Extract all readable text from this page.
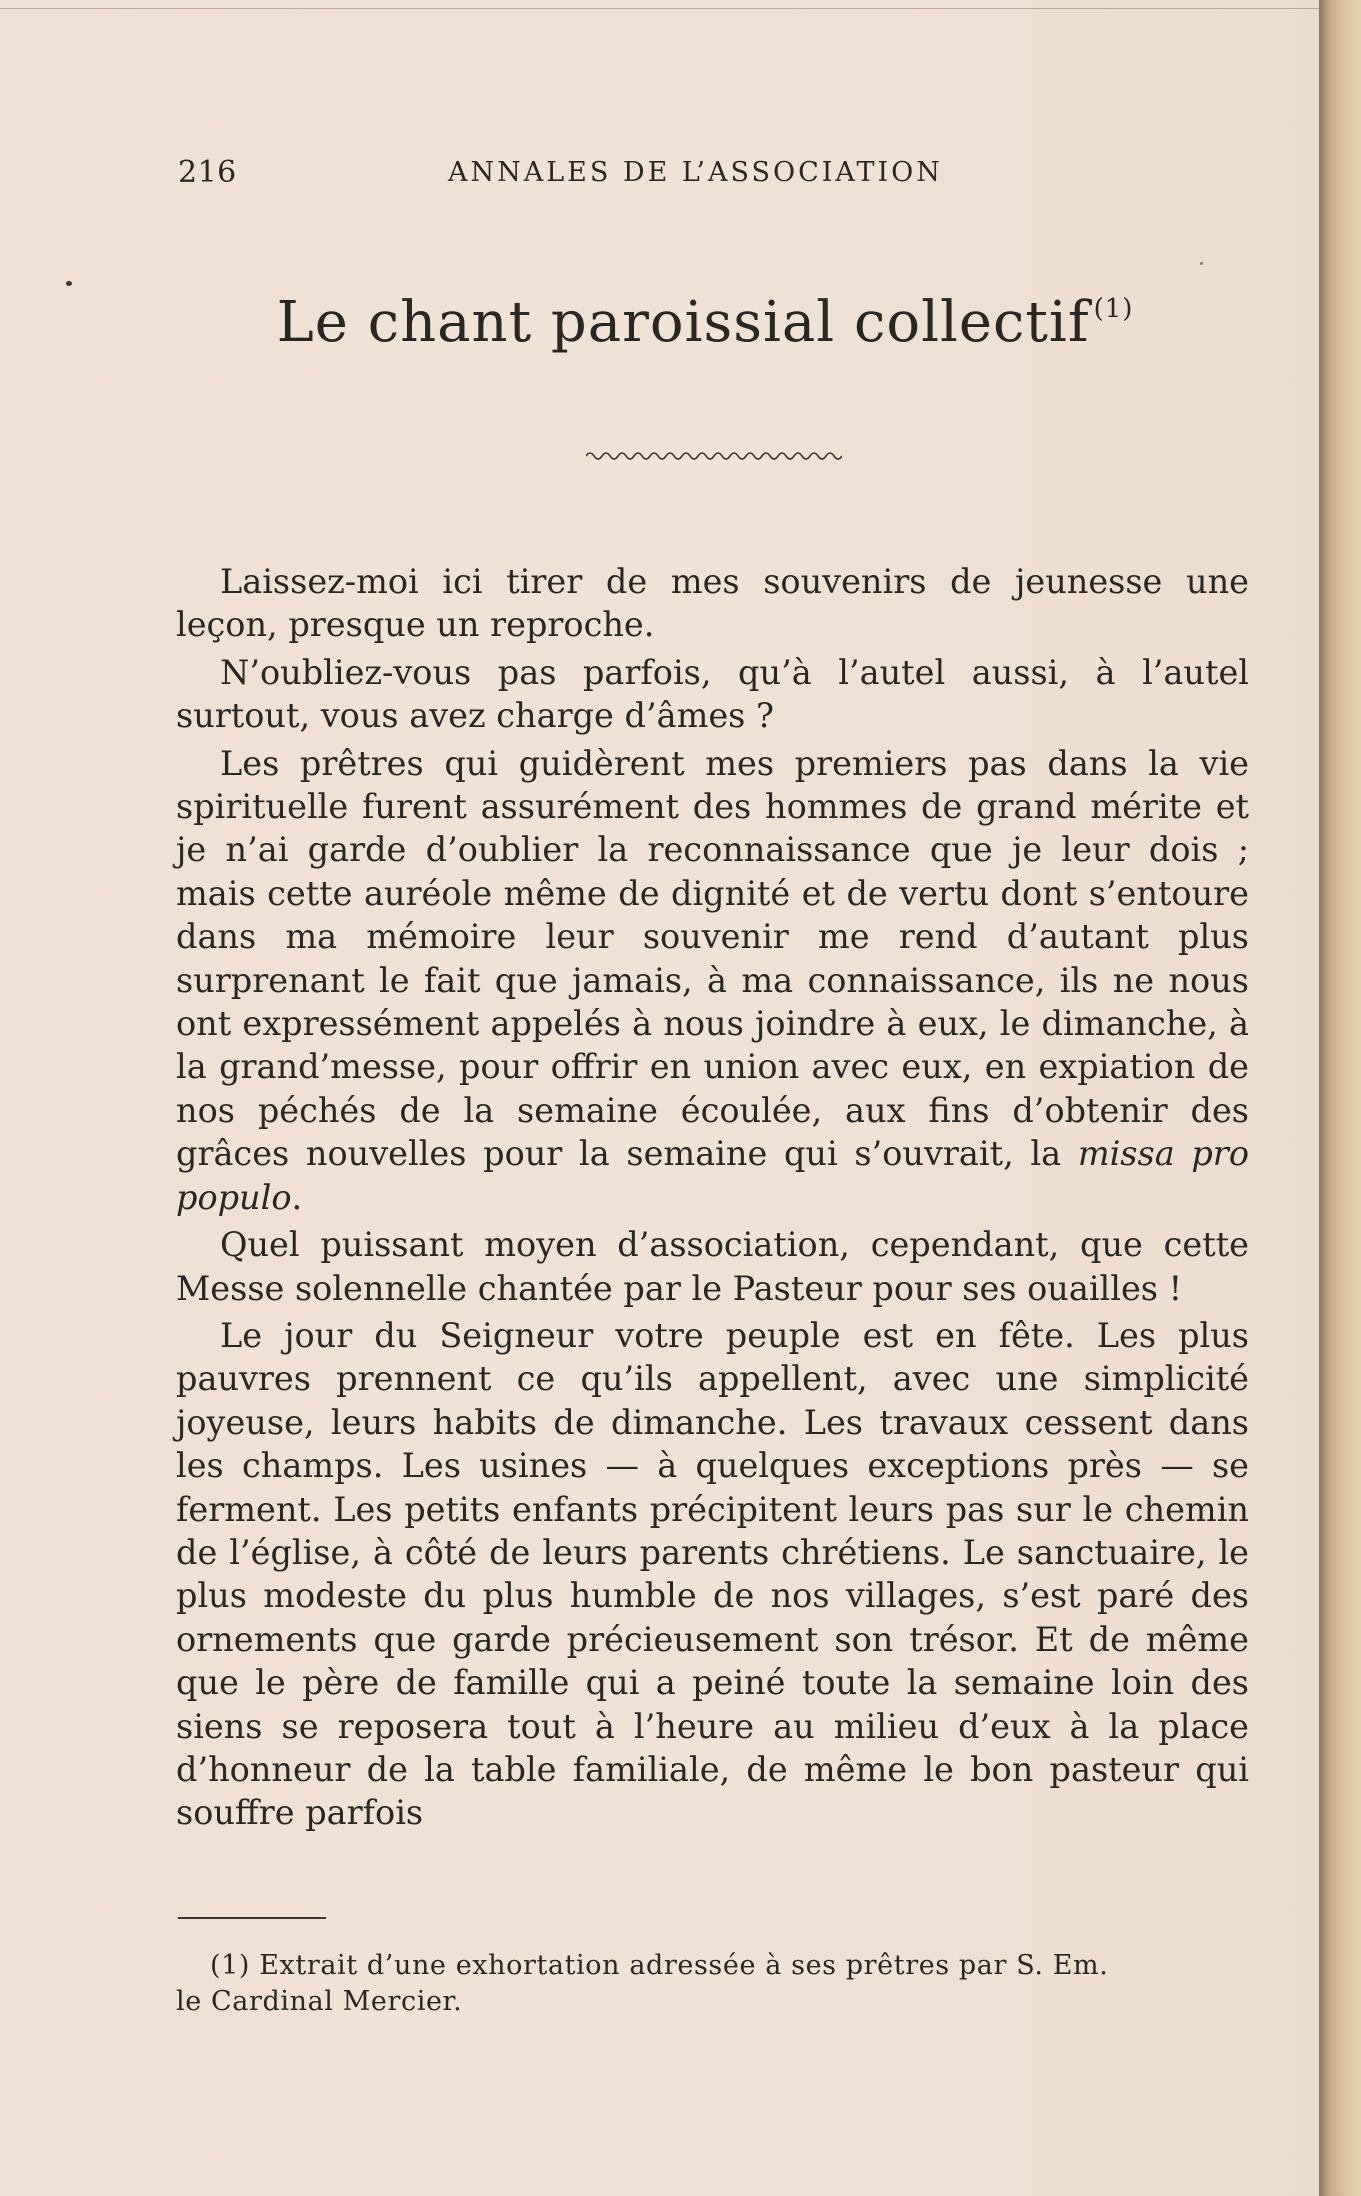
216	ANNALES DE L’ASSOCIATION
Le chant paroissial collectif $^{(1)}$

Laissez-moi ici tirer de mes souvenirs de jeunesse une leçon, presque un reproche.

N’oubliez-vous pas parfois, qu’à l’autel aussi, à l’autel surtout, vous avez charge d’âmes ?

Les prêtres qui guidèrent mes premiers pas dans la vie spirituelle furent assurément des hommes de grand mérite et je n’ai garde d’oublier la reconnaissance que je leur dois ; mais cette auréole même de dignité et de vertu dont s’entoure dans ma mémoire leur souvenir me rend d’autant plus surprenant le fait que jamais, à ma connaissance, ils ne nous ont expressément appelés à nous joindre à eux, le dimanche, à la grand’messe, pour offrir en union avec eux, en expiation de nos péchés de la semaine écoulée, aux fins d’obtenir des grâces nouvelles pour la semaine qui s’ouvrait, la missa pro populo.

Quel puissant moyen d’association, cependant, que cette Messe solennelle chantée par le Pasteur pour ses ouailles !

Le jour du Seigneur votre peuple est en fête. Les plus pauvres prennent ce qu’ils appellent, avec une simplicité joyeuse, leurs habits de dimanche. Les travaux cessent dans les champs. Les usines — à quelques exceptions près — se ferment. Les petits enfants précipitent leurs pas sur le chemin de l’église, à côté de leurs parents chrétiens. Le sanctuaire, le plus modeste du plus humble de nos villages, s’est paré des ornements que garde précieusement son trésor. Et de même que le père de famille qui a peiné toute la semaine loin des siens se reposera tout à l’heure au milieu d’eux à la place d’honneur de la table familiale, de même le bon pasteur qui souffre parfois

(1) Extrait d’une exhortation adressée à ses prêtres par S. Em.
le Cardinal Mercier.
